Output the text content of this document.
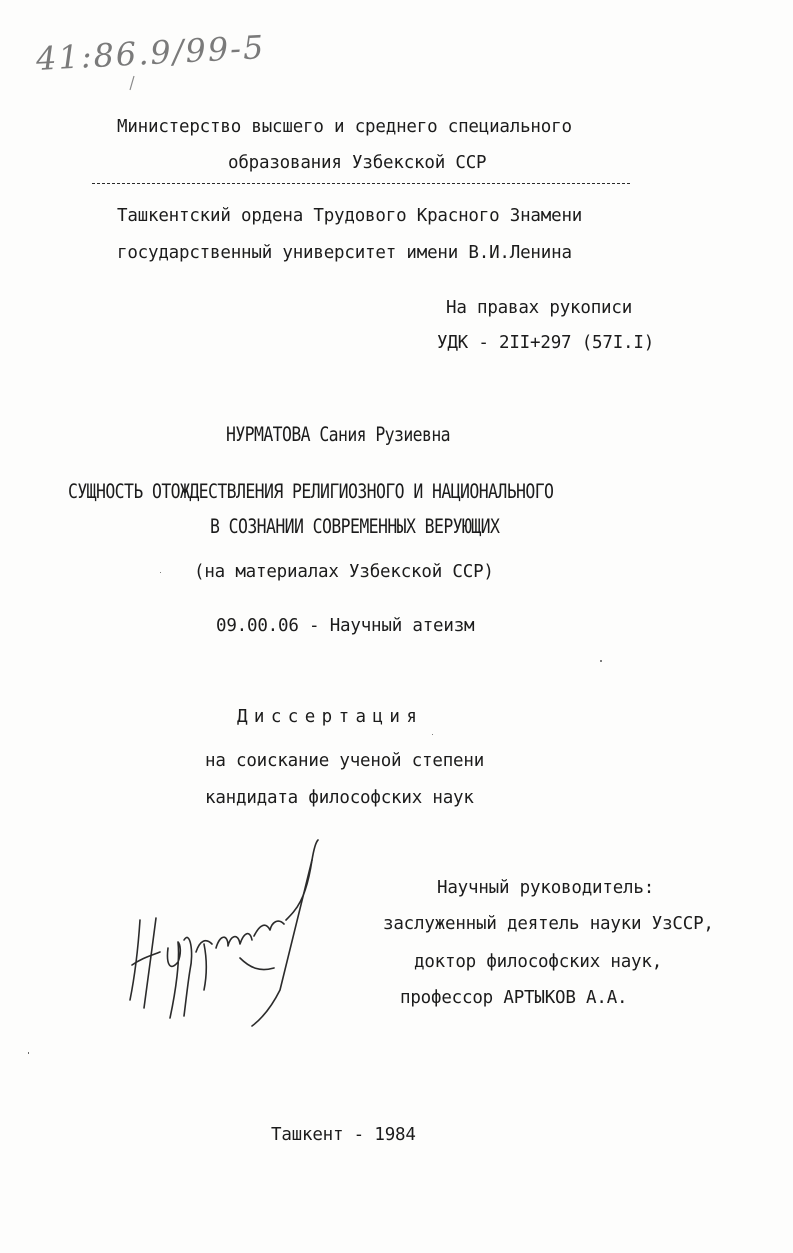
41:86.9/99-5
Министерство высшего и среднего специального
образования Узбекской ССР
Ташкентский ордена Трудового Красного Знамени
государственный университет имени В.И.Ленина
На правах рукописи
УДК - 2II+297 (57I.I)
НУРМАТОВА Сания Рузиевна
СУЩНОСТЬ ОТОЖДЕСТВЛЕНИЯ РЕЛИГИОЗНОГО И НАЦИОНАЛЬНОГО
В СОЗНАНИИ СОВРЕМЕННЫХ ВЕРУЮЩИХ
(на материалах Узбекской ССР)
09.00.06 - Научный атеизм
Диссертация
на соискание ученой степени
кандидата философских наук
Научный руководитель:
заслуженный деятель науки УзССР,
доктор философских наук,
профессор АРТЫКОВ А.А.
Ташкент - 1984
